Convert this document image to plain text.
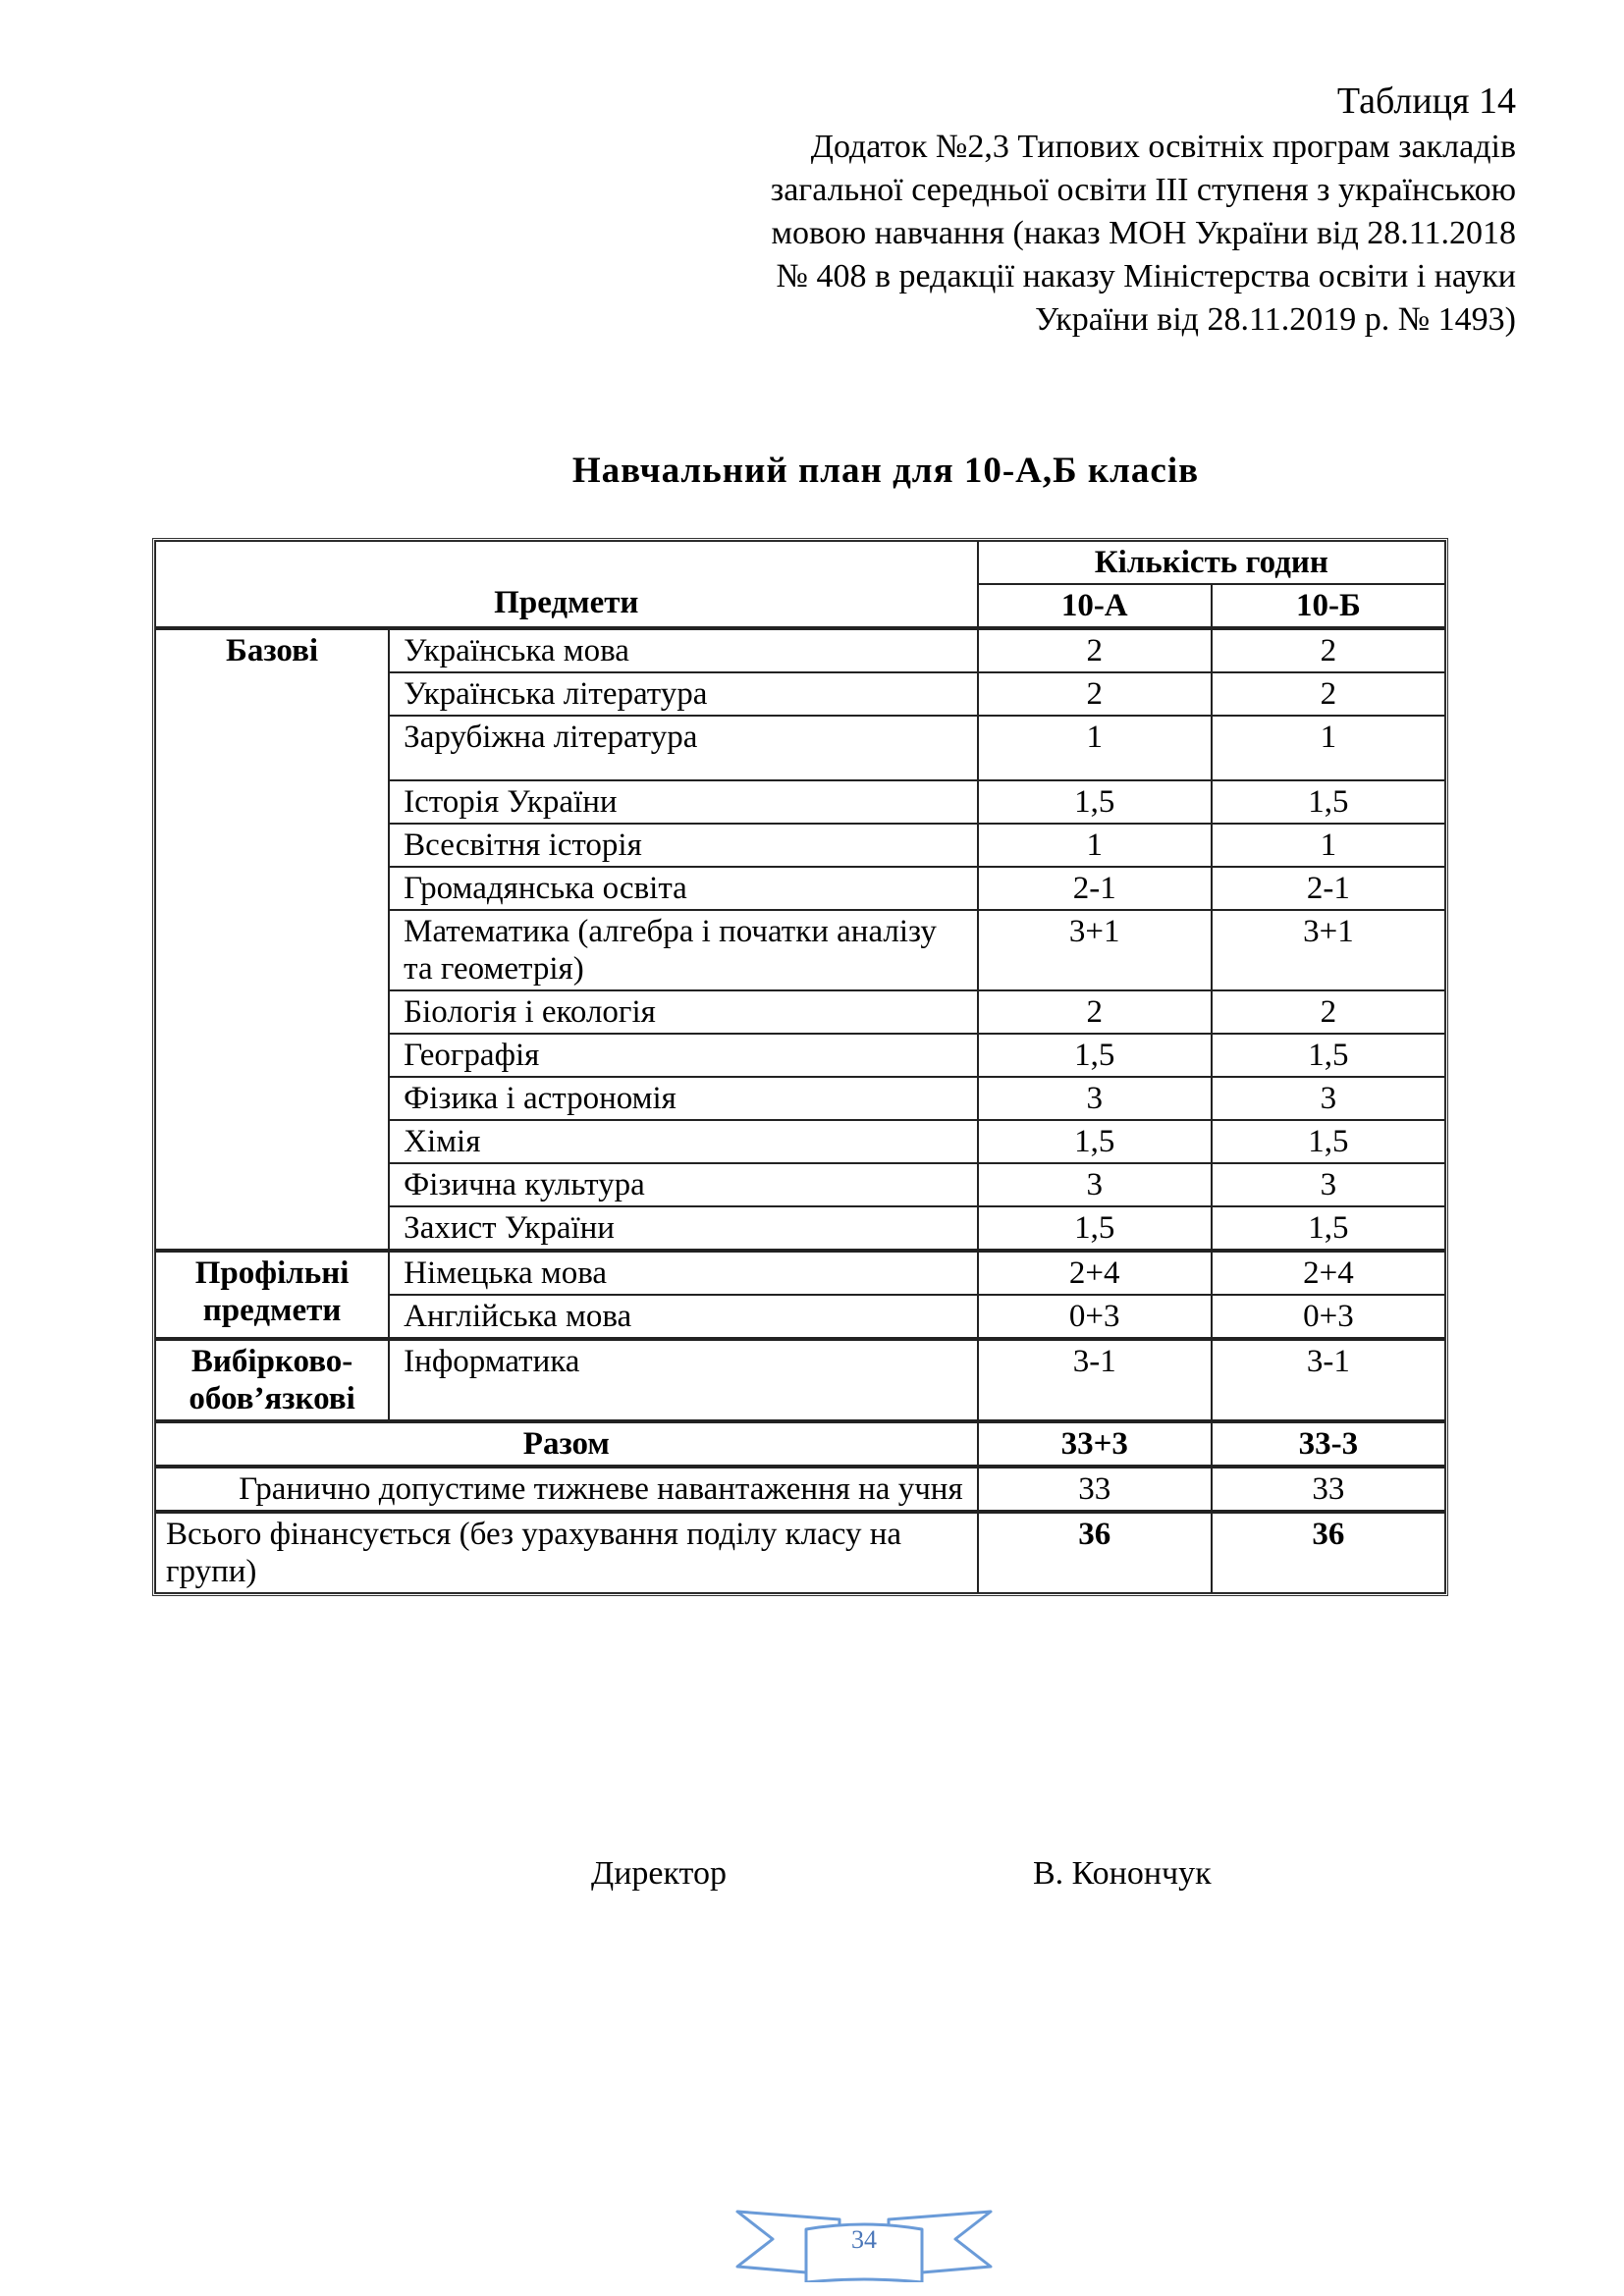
Таблиця 14
Додаток №2,3 Типових освітніх програм закладів
загальної середньої освіти III ступеня з українською
мовою навчання (наказ МОН України від 28.11.2018
№ 408 в редакції наказу Міністерства освіти і науки
України від 28.11.2019 р. № 1493)
Навчальний план для 10-А,Б класів
Предмети		Кількість годин	
		10-А	10-Б
Базові	Українська мова	2	2
	Українська література	2	2
	Зарубіжна література	1	1
	Історія України	1,5	1,5
	Всесвітня історія	1	1
	Громадянська освіта	2-1	2-1
	Математика (алгебра і початки аналізу та геометрія)	3+1	3+1
	Біологія і екологія	2	2
	Географія	1,5	1,5
	Фізика і астрономія	3	3
	Хімія	1,5	1,5
	Фізична культура	3	3
	Захист України	1,5	1,5
Профільні предмети	Німецька мова	2+4	2+4
	Англійська мова	0+3	0+3
Вибірково-обов’язкові	Інформатика	3-1	3-1
Разом		33+3	33-3
Гранично допустиме тижневе навантаження на учня		33	33
Всього фінансується (без урахування поділу класу на групи)		36	36
Директор	В. Конончук
34
